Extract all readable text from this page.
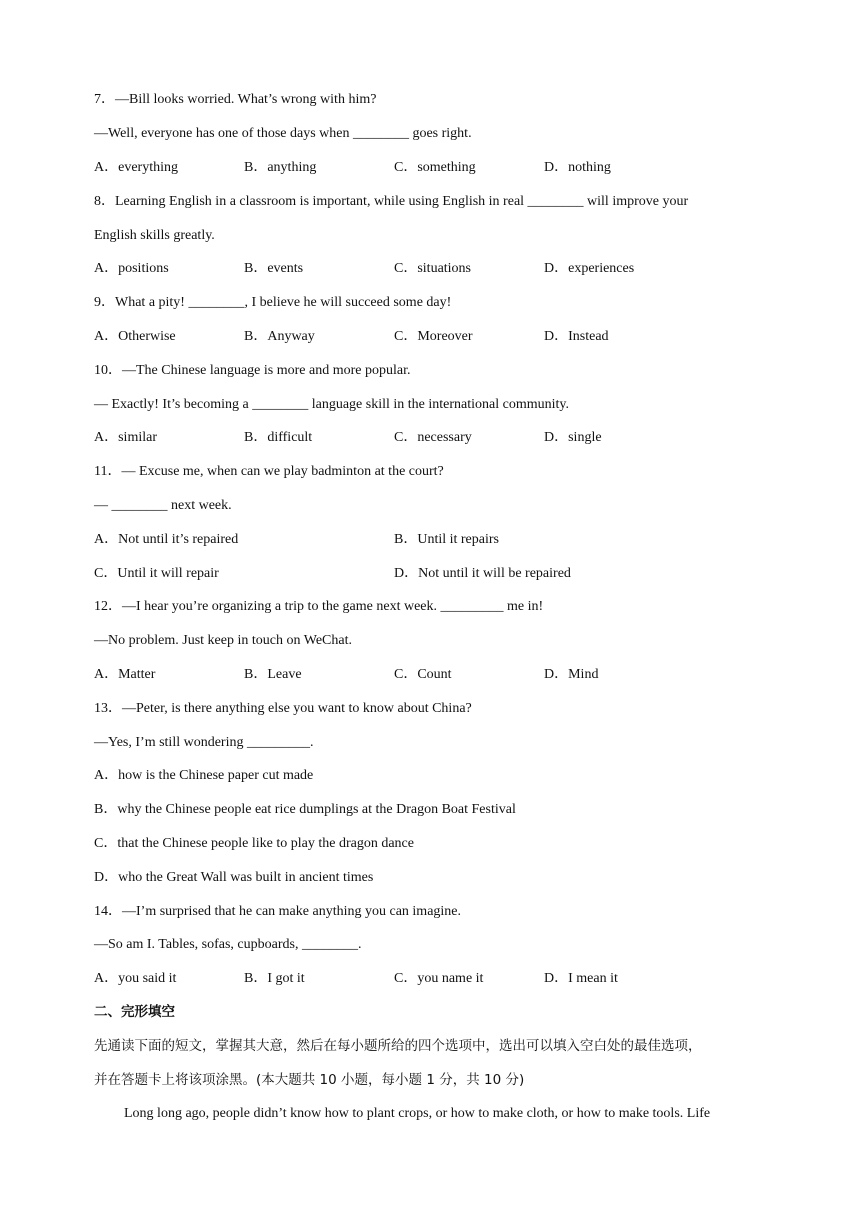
7．—Bill looks worried. What’s wrong with him?
—Well, everyone has one of those days when ________ goes right.
A．everything	B．anything	C．something	D．nothing
8．Learning English in a classroom is important, while using English in real ________ will improve your
English skills greatly.
A．positions	B．events	C．situations	D．experiences
9．What a pity! ________, I believe he will succeed some day!
A．Otherwise	B．Anyway	C．Moreover	D．Instead
10．—The Chinese language is more and more popular.
— Exactly! It’s becoming a ________ language skill in the international community.
A．similar	B．difficult	C．necessary	D．single
11．— Excuse me, when can we play badminton at the court?
— ________ next week.
A．Not until it’s repaired	B．Until it repairs
C．Until it will repair	D．Not until it will be repaired
12．—I hear you’re organizing a trip to the game next week. _________ me in!
—No problem. Just keep in touch on WeChat.
A．Matter	B．Leave	C．Count	D．Mind
13．—Peter, is there anything else you want to know about China?
—Yes, I’m still wondering _________.
A．how is the Chinese paper cut made
B．why the Chinese people eat rice dumplings at the Dragon Boat Festival
C．that the Chinese people like to play the dragon dance
D．who the Great Wall was built in ancient times
14．—I’m surprised that he can make anything you can imagine.
—So am I. Tables, sofas, cupboards, ________.
A．you said it	B．I got it	C．you name it	D．I mean it
二、完形填空
先通读下面的短文，掌握其大意，然后在每小题所给的四个选项中，选出可以填入空白处的最佳选项，
并在答题卡上将该项涂黑。(本大题共 10 小题，每小题 1 分，共 10 分)
Long long ago, people didn’t know how to plant crops, or how to make cloth, or how to make tools. Life
